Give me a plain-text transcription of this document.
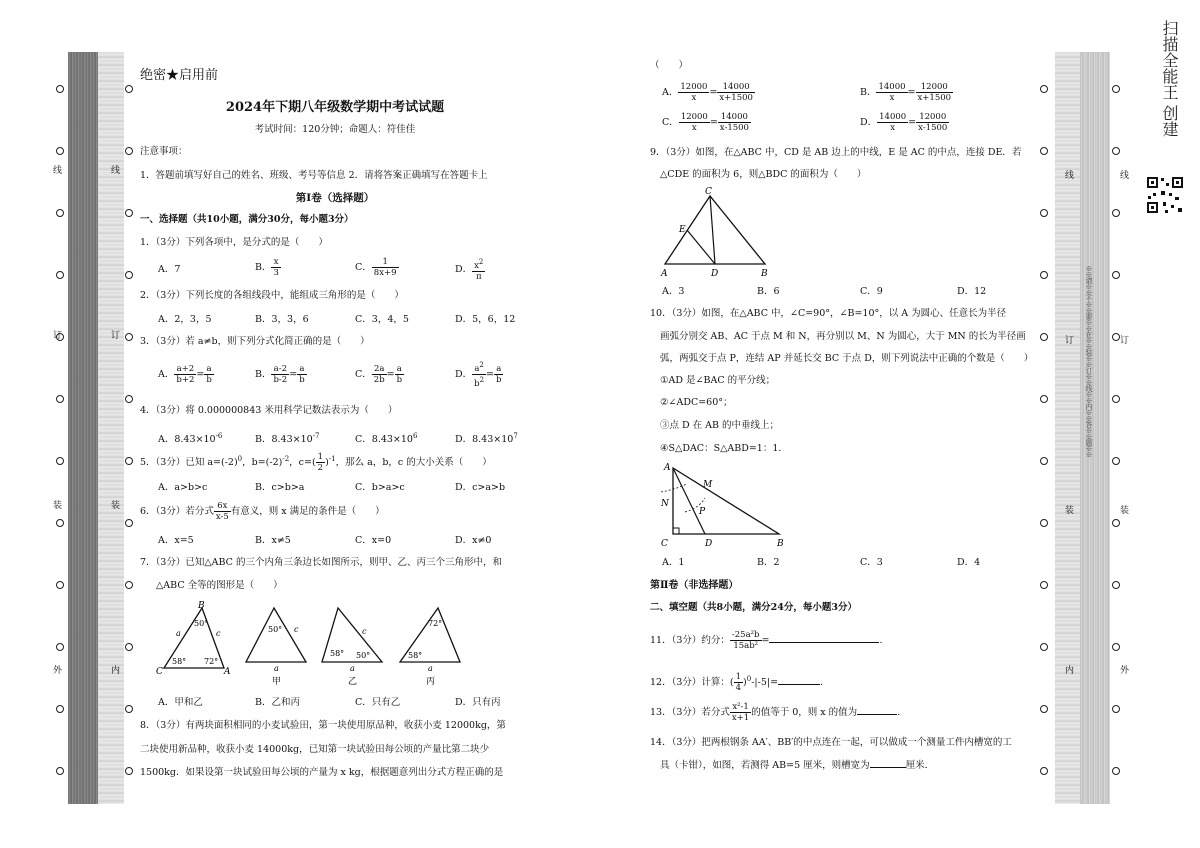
线
订
装
外
线
订
装
内
线
订
装
内
线
订
装
外
※※请※※不※※要※※在※※装※※订※※线※※内※※答※※题※※
扫描全能王 创建
绝密★启用前
2024年下期八年级数学期中考试试题
考试时间：120分钟；命题人：符佳佳
注意事项：
1．答题前填写好自己的姓名、班级、考号等信息 2．请将答案正确填写在答题卡上
第Ⅰ卷（选择题）
一、选择题（共10小题，满分30分，每小题3分）
1．（3分）下列各项中，是分式的是（　　）
A．7	B． $\frac{x}{3}$	C． $\frac{1}{8x+9}$	D． $\frac{x^2}{\pi}$
2．（3分）下列长度的各组线段中，能组成三角形的是（　　）
A．2，3，5	B．3，3，6	C．3，4，5	D．5，6，12
3．（3分）若 a≠b，则下列分式化简正确的是（　　）
A． $\frac{a+2}{b+2} = \frac{a}{b}$	B． $\frac{a-2}{b-2} = \frac{a}{b}$	C． $\frac{2a}{2b} = \frac{a}{b}$	D． $\frac{a^2}{b^2} = \frac{a}{b}$
4．（3分）将 0.000000843 米用科学记数法表示为（　　）
A．$8.43\times 10^{-6}$	B．$8.43\times 10^{-7}$	C．$8.43\times 10^6$	D．$8.43\times 10^7$
5．（3分）已知 $a=(-2)^0$，$b=(-2)^{-2}$，$c=( \frac{1}{2} )^{-1}$，那么 a，b，c 的大小关系（　　）
A．a>b>c	B．c>b>a	C．b>a>c	D．c>a>b
6．（3分）若分式 $\frac{6x}{x-5}$ 有意义，则 x 满足的条件是（　　）
A．x=5	B．x≠5	C．x=0	D．x≠0
7．（3分）已知△ABC 的三个内角三条边长如图所示，则甲、乙、丙三个三角形中，和
△ABC 全等的图形是（　　）
B
C	A
a	c
50°
58° 72°
50° c
a
甲
c
58° 50°
a
乙
72°
58°
a
丙
A．甲和乙	B．乙和丙	C．只有乙	D．只有丙
8．（3分）有两块面积相同的小麦试验田，第一块使用原品种，收获小麦 12000kg，第
二块使用新品种，收获小麦 14000kg，已知第一块试验田每公顷的产量比第二块少
1500kg．如果设第一块试验田每公顷的产量为 x kg，根据题意列出分式方程正确的是
（　　）
A． $\frac{12000}{x} = \frac{14000}{x+1500}$	B． $\frac{14000}{x} = \frac{12000}{x+1500}$
C． $\frac{12000}{x} = \frac{14000}{x-1500}$	D． $\frac{14000}{x} = \frac{12000}{x-1500}$
9．（3分）如图，在△ABC 中，CD 是 AB 边上的中线，E 是 AC 的中点，连接 DE．若
△CDE 的面积为 6，则△BDC 的面积为（　　）
C
E
A	D	B
A．3	B．6	C．9	D．12
10．（3分）如图，在△ABC 中，∠C=90°，∠B=10°，以 A 为圆心、任意长为半径
画弧分别交 AB、AC 于点 M 和 N，再分别以 M、N 为圆心，大于 MN 的长为半径画
弧，两弧交于点 P，连结 AP 并延长交 BC 于点 D，则下列说法中正确的个数是（　　）
①AD 是∠BAC 的平分线；
②∠ADC=60°；
③点 D 在 AB 的中垂线上；
④S△DAC：S△ABD=1：1．
A
M
N
P
C	D	B
A．1	B．2	C．3	D．4
第Ⅱ卷（非选择题）
二、填空题（共8小题，满分24分，每小题3分）
11．（3分）约分： $\frac{\text{-25a²b}}{\text{15ab²}}$ =	.
12．（3分）计算：( $\frac{1}{4} )^0-|-5|=$	.
13．（3分）若分式 $\frac{\text{x²-1}}{x+1}$ 的值等于 0，则 x 的值为	.
14．（3分）把两根钢条 AA′、BB′的中点连在一起，可以做成一个测量工件内槽宽的工
具（卡钳），如图，若测得 AB=5 厘米，则槽宽为	厘米．
